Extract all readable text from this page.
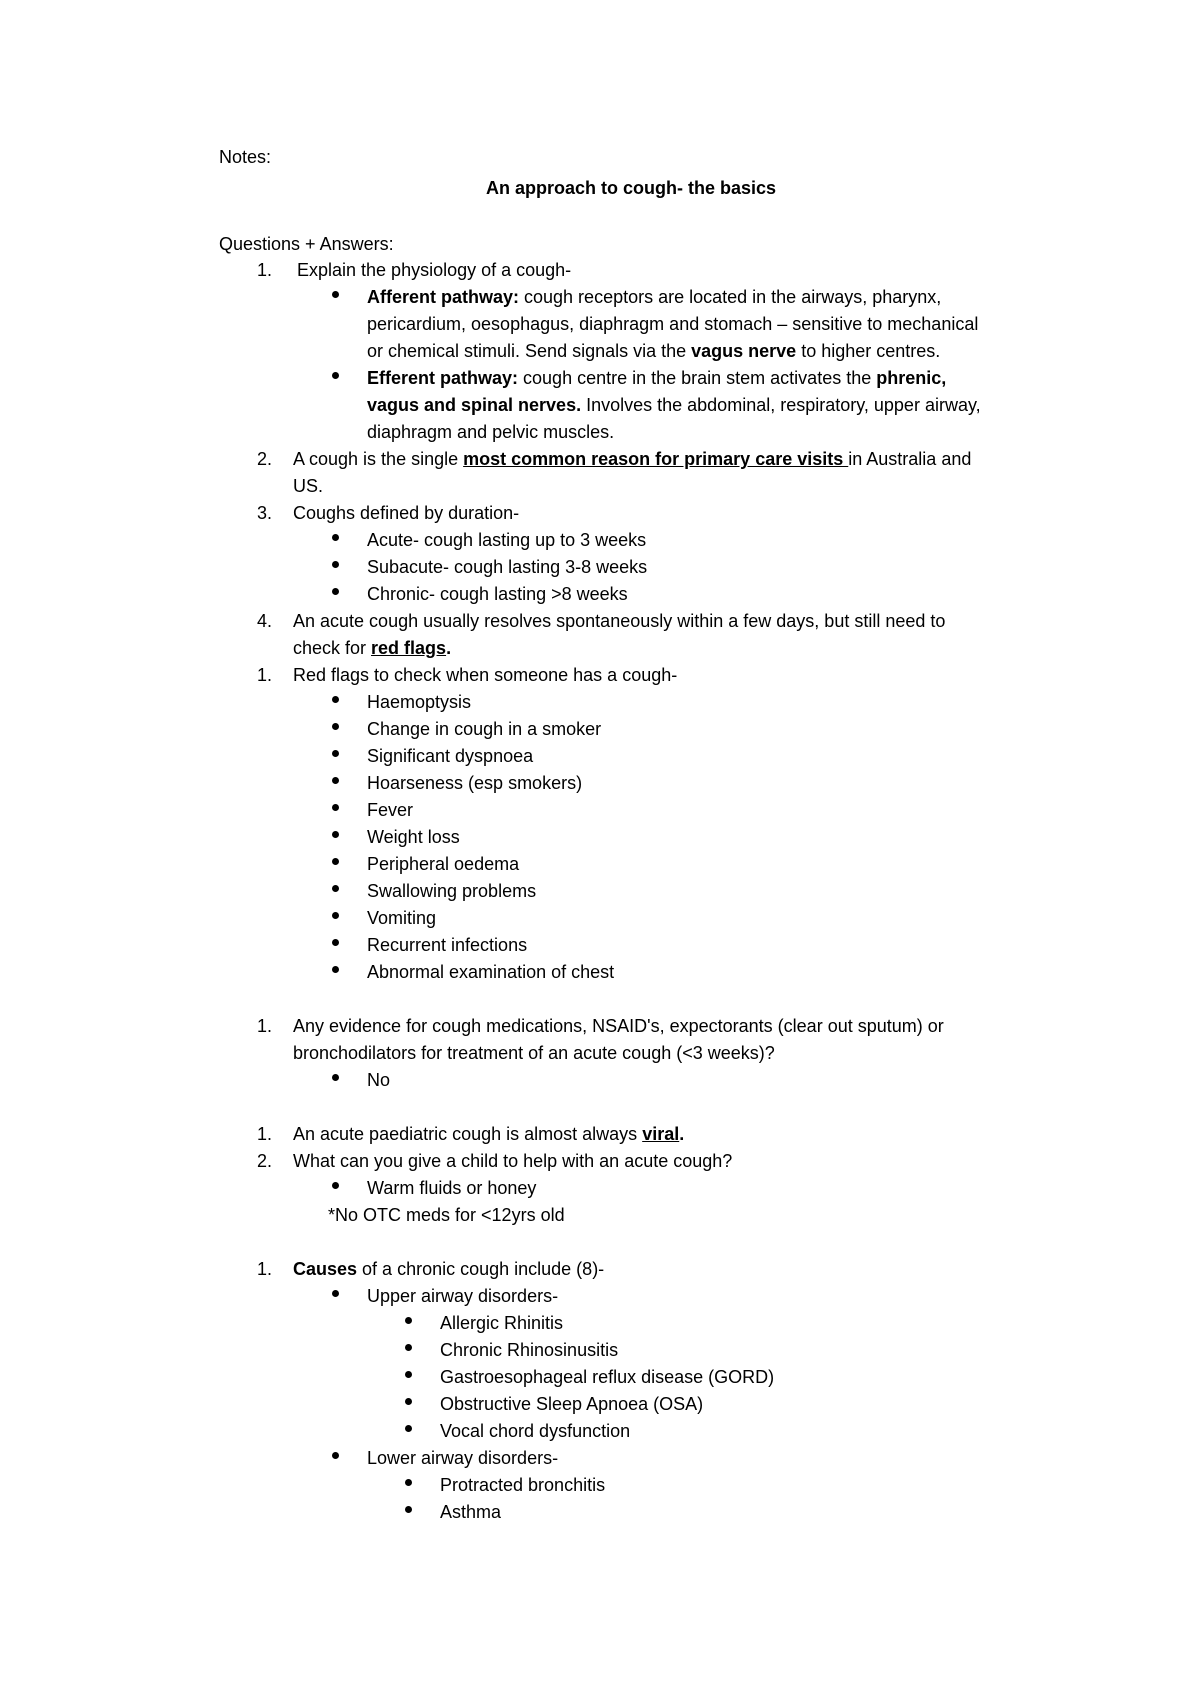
Notes:
An approach to cough- the basics
Questions + Answers:
1. Explain the physiology of a cough-
Afferent pathway: cough receptors are located in the airways, pharynx,
pericardium, oesophagus, diaphragm and stomach – sensitive to mechanical
or chemical stimuli. Send signals via the vagus nerve to higher centres.
Efferent pathway: cough centre in the brain stem activates the phrenic,
vagus and spinal nerves. Involves the abdominal, respiratory, upper airway,
diaphragm and pelvic muscles.
2. A cough is the single most common reason for primary care visits in Australia and
US.
3. Coughs defined by duration-
Acute- cough lasting up to 3 weeks
Subacute- cough lasting 3-8 weeks
Chronic- cough lasting >8 weeks
4. An acute cough usually resolves spontaneously within a few days, but still need to
check for red flags.
1. Red flags to check when someone has a cough-
Haemoptysis
Change in cough in a smoker
Significant dyspnoea
Hoarseness (esp smokers)
Fever
Weight loss
Peripheral oedema
Swallowing problems
Vomiting
Recurrent infections
Abnormal examination of chest
1. Any evidence for cough medications, NSAID's, expectorants (clear out sputum) or
bronchodilators for treatment of an acute cough (<3 weeks)?
No
1. An acute paediatric cough is almost always viral.
2. What can you give a child to help with an acute cough?
Warm fluids or honey
*No OTC meds for <12yrs old
1. Causes of a chronic cough include (8)-
Upper airway disorders-
Allergic Rhinitis
Chronic Rhinosinusitis
Gastroesophageal reflux disease (GORD)
Obstructive Sleep Apnoea (OSA)
Vocal chord dysfunction
Lower airway disorders-
Protracted bronchitis
Asthma
